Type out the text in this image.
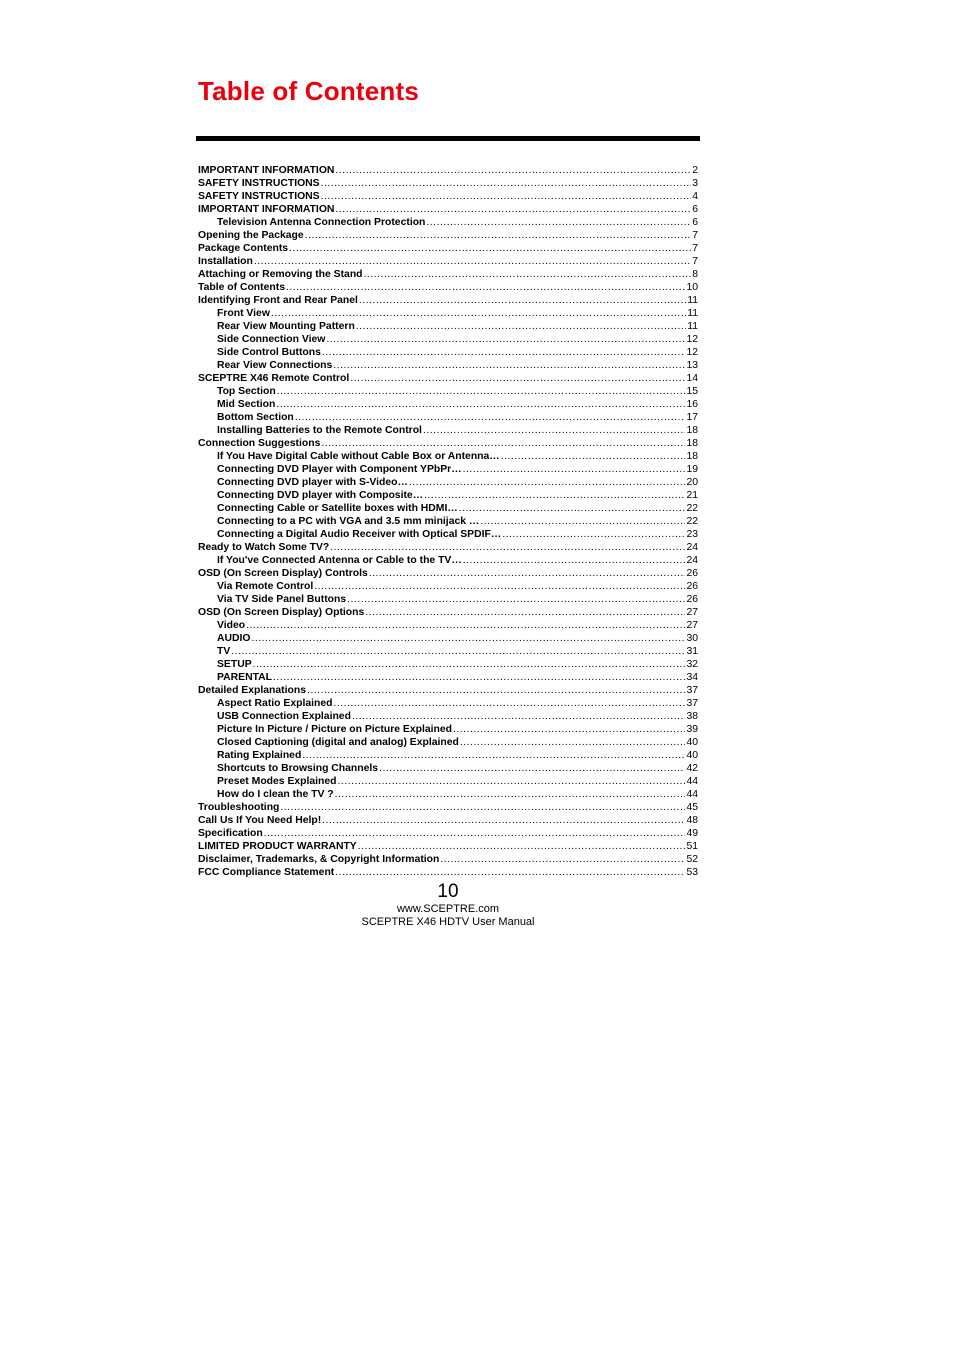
Table of Contents
IMPORTANT INFORMATION .....	2
SAFETY INSTRUCTIONS .....	3
SAFETY INSTRUCTIONS .....	4
IMPORTANT INFORMATION .....	6
Television Antenna Connection Protection .....	6
Opening the Package .....	7
Package Contents .....	7
Installation .....	7
Attaching or Removing the Stand .....	8
Table of Contents .....	10
Identifying Front and Rear Panel .....	11
Front View .....	11
Rear View Mounting Pattern .....	11
Side Connection View .....	12
Side Control Buttons .....	12
Rear View Connections .....	13
SCEPTRE X46 Remote Control .....	14
Top Section .....	15
Mid Section .....	16
Bottom Section .....	17
Installing Batteries to the Remote Control .....	18
Connection Suggestions .....	18
If You Have Digital Cable without Cable Box or Antenna… .....	18
Connecting DVD Player with Component YPbPr… .....	19
Connecting DVD player with S-Video… .....	20
Connecting DVD player with Composite… .....	21
Connecting Cable or Satellite boxes with HDMI… .....	22
Connecting to a PC with VGA and 3.5 mm minijack … .....	22
Connecting a Digital Audio Receiver with Optical SPDIF… .....	23
Ready to Watch Some TV? .....	24
If You've Connected Antenna or Cable to the TV… .....	24
OSD (On Screen Display) Controls .....	26
Via Remote Control .....	26
Via TV Side Panel Buttons .....	26
OSD (On Screen Display) Options .....	27
Video .....	27
AUDIO .....	30
TV .....	31
SETUP .....	32
PARENTAL .....	34
Detailed Explanations .....	37
Aspect Ratio Explained .....	37
USB Connection Explained .....	38
Picture In Picture / Picture on Picture Explained .....	39
Closed Captioning (digital and analog) Explained .....	40
Rating Explained .....	40
Shortcuts to Browsing Channels .....	42
Preset Modes Explained .....	44
How do I clean the TV ? .....	44
Troubleshooting .....	45
Call Us If You Need Help! .....	48
Specification .....	49
LIMITED PRODUCT WARRANTY .....	51
Disclaimer, Trademarks, & Copyright Information .....	52
FCC Compliance Statement .....	53
10
www.SCEPTRE.com
SCEPTRE X46 HDTV User Manual
